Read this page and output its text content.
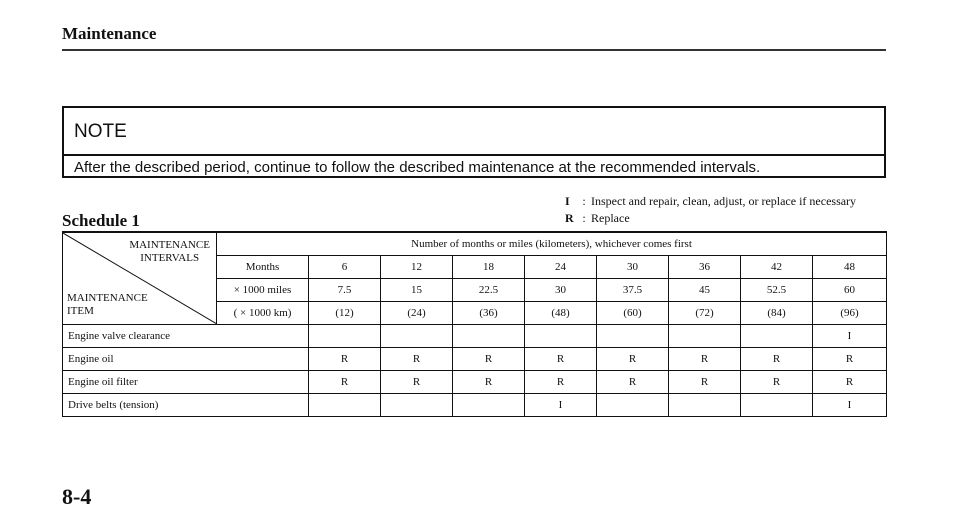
Maintenance
NOTE
After the described period, continue to follow the described maintenance at the recommended intervals.
I : Inspect and repair, clean, adjust, or replace if necessary
R : Replace
Schedule 1
MAINTENANCE
INTERVALS
MAINTENANCE
ITEM	Number of months or miles (kilometers), whichever comes first								
	Months	6	12	18	24	30	36	42	48
	× 1000 miles	7.5	15	22.5	30	37.5	45	52.5	60
	( × 1000 km)	(12)	(24)	(36)	(48)	(60)	(72)	(84)	(96)
Engine valve clearance									I
Engine oil		R	R	R	R	R	R	R	R
Engine oil filter		R	R	R	R	R	R	R	R
Drive belts (tension)					I				I
8-4
